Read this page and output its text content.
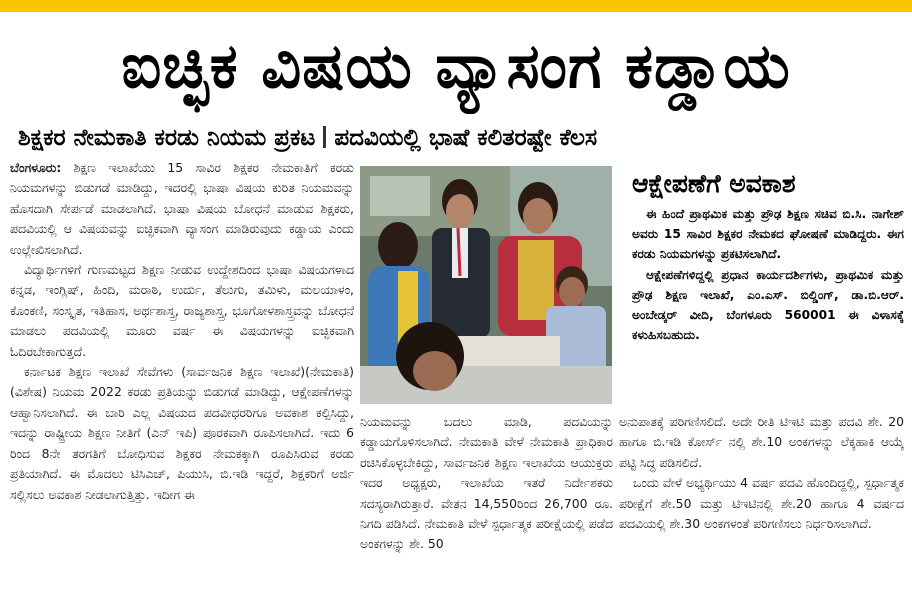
ಐಚ್ಛಿಕ ವಿಷಯ ವ್ಯಾಸಂಗ ಕಡ್ಡಾಯ
ಶಿಕ್ಷಕರ ನೇಮಕಾತಿ ಕರಡು ನಿಯಮ ಪ್ರಕಟ ಪದವಿಯಲ್ಲಿ ಭಾಷೆ ಕಲಿತರಷ್ಟೇ ಕೆಲಸ

ಬೆಂಗಳೂರು: ಶಿಕ್ಷಣ ಇಲಾಖೆಯು 15 ಸಾವಿರ ಶಿಕ್ಷಕರ ನೇಮಕಾತಿಗೆ ಕರಡು ನಿಯಮಗಳನ್ನು ಬಿಡುಗಡೆ ಮಾಡಿದ್ದು, ಇದರಲ್ಲಿ ಭಾಷಾ ವಿಷಯ ಕುರಿತ ನಿಯಮವನ್ನು ಹೊಸದಾಗಿ ಸೇರ್ಪಡೆ ಮಾಡಲಾಗಿದೆ. ಭಾಷಾ ವಿಷಯ ಬೋಧನೆ ಮಾಡುವ ಶಿಕ್ಷಕರು, ಪದವಿಯಲ್ಲಿ ಆ ವಿಷಯವನ್ನು ಐಚ್ಛಿಕವಾಗಿ ವ್ಯಾಸಂಗ ಮಾಡಿರುವುದು ಕಡ್ಡಾಯ ಎಂದು ಉಲ್ಲೇಖಿಸಲಾಗಿದೆ.

ವಿದ್ಯಾರ್ಥಿಗಳಿಗೆ ಗುಣಮಟ್ಟದ ಶಿಕ್ಷಣ ನೀಡುವ ಉದ್ದೇಶದಿಂದ ಭಾಷಾ ವಿಷಯಗಳಾದ ಕನ್ನಡ, ಇಂಗ್ಲಿಷ್, ಹಿಂದಿ, ಮರಾಠಿ, ಉರ್ದು, ತೆಲುಗು, ತಮಿಳು, ಮಲಯಾಳಂ, ಕೊಂಕಣಿ, ಸಂಸ್ಕೃತ, ಇತಿಹಾಸ, ಅರ್ಥಶಾಸ್ತ್ರ, ರಾಜ್ಯಶಾಸ್ತ್ರ, ಭೂಗೋಳಶಾಸ್ತ್ರವನ್ನು ಬೋಧನೆ ಮಾಡಲು ಪದವಿಯಲ್ಲಿ ಮೂರು ವರ್ಷ ಈ ವಿಷಯಗಳನ್ನು ಐಚ್ಛಿಕವಾಗಿ ಓದಿರಬೇಕಾಗುತ್ತದೆ.

ಕರ್ನಾಟಕ ಶಿಕ್ಷಣ ಇಲಾಖೆ ಸೇವೆಗಳು (ಸಾರ್ವಜನಿಕ ಶಿಕ್ಷಣ ಇಲಾಖೆ)(ನೇಮಕಾತಿ)(ವಿಶೇಷ) ನಿಯಮ 2022 ಕರಡು ಪ್ರತಿಯನ್ನು ಬಿಡುಗಡೆ ಮಾಡಿದ್ದು, ಆಕ್ಷೇಪಣೆಗಳನ್ನು ಆಹ್ವಾನಿಸಲಾಗಿದೆ. ಈ ಬಾರಿ ಎಲ್ಲ ವಿಷಯದ ಪದವೀಧರರಿಗೂ ಅವಕಾಶ ಕಲ್ಪಿಸಿದ್ದು, ಇದನ್ನು ರಾಷ್ಟ್ರೀಯ ಶಿಕ್ಷಣ ನೀತಿಗೆ (ಎನ್ ಇಪಿ) ಪೂರಕವಾಗಿ ರೂಪಿಸಲಾಗಿದೆ. ಇದು 6 ರಿಂದ 8ನೇ ತರಗತಿಗೆ ಬೋಧಿಸುವ ಶಿಕ್ಷಕರ ನೇಮಕಕ್ಕಾಗಿ ರೂಪಿಸಿರುವ ಕರಡು ಪ್ರತಿಯಾಗಿದೆ. ಈ ಮೊದಲು ಟಿಸಿಎಚ್, ಪಿಯುಸಿ, ಬಿ.ಇಡಿ ಇದ್ದರೆ, ಶಿಕ್ಷಕರಿಗೆ ಅರ್ಜಿ ಸಲ್ಲಿಸಲು ಅವಕಾಶ ನೀಡಲಾಗುತ್ತಿತ್ತು. ಇದೀಗ ಈ

ಆಕ್ಷೇಪಣೆಗೆ ಅವಕಾಶ

ಈ ಹಿಂದೆ ಪ್ರಾಥಮಿಕ ಮತ್ತು ಪ್ರೌಢ ಶಿಕ್ಷಣ ಸಚಿವ ಬಿ.ಸಿ. ನಾಗೇಶ್ ಅವರು 15 ಸಾವಿರ ಶಿಕ್ಷಕರ ನೇಮಕದ ಘೋಷಣೆ ಮಾಡಿದ್ದರು. ಈಗ ಕರಡು ನಿಯಮಗಳನ್ನು ಪ್ರಕಟಿಸಲಾಗಿದೆ.

ಆಕ್ಷೇಪಣೆಗಳಿದ್ದಲ್ಲಿ ಪ್ರಧಾನ ಕಾರ್ಯದರ್ಶಿಗಳು, ಪ್ರಾಥಮಿಕ ಮತ್ತು ಪ್ರೌಢ ಶಿಕ್ಷಣ ಇಲಾಖೆ, ಎಂ.ಎಸ್. ಬಿಲ್ಡಿಂಗ್, ಡಾ.ಬಿ.ಆರ್. ಅಂಬೇಡ್ಕರ್ ವೀದಿ, ಬೆಂಗಳೂರು 560001 ಈ ವಿಳಾಸಕ್ಕೆ ಕಳುಹಿಸಬಹುದು.

ನಿಯಮವನ್ನು ಬದಲು ಮಾಡಿ, ಪದವಿಯನ್ನು ಕಡ್ಡಾಯಗೊಳಿಸಲಾಗಿದೆ. ನೇಮಕಾತಿ ವೇಳೆ ನೇಮಕಾತಿ ಪ್ರಾಧಿಕಾರ ರಚಿಸಿಕೊಳ್ಳಬೇಕಿದ್ದು, ಸಾರ್ವಜನಿಕ ಶಿಕ್ಷಣ ಇಲಾಖೆಯ ಆಯುಕ್ತರು ಇದರ ಅಧ್ಯಕ್ಷರು, ಇಲಾಖೆಯ ಇತರೆ ನಿರ್ದೇಶಕರು ಸದಸ್ಯರಾಗಿರುತ್ತಾರೆ. ವೇತನ 14,550ರಿಂದ 26,700 ರೂ. ನಿಗದಿ ಪಡಿಸಿದೆ. ನೇಮಕಾತಿ ವೇಳೆ ಸ್ಪರ್ಧಾತ್ಮಕ ಪರೀಕ್ಷೆಯಲ್ಲಿ ಪಡೆದ ಅಂಕಗಳನ್ನು ಶೇ. 50

ಅನುಪಾತಕ್ಕೆ ಪರಿಗಣಿಸಲಿದೆ. ಅದೇ ರೀತಿ ಟಿಇಟಿ ಮತ್ತು ಪದವಿ ಶೇ. 20 ಹಾಗೂ ಬಿ.ಇಡಿ ಕೋರ್ಸ್ ನಲ್ಲಿ ಶೇ.10 ಅಂಕಗಳನ್ನು ಲೆಕ್ಕಹಾಕಿ ಆಯ್ಕೆ ಪಟ್ಟಿ ಸಿದ್ಧ ಪಡಿಸಲಿದೆ.

ಒಂದು ವೇಳೆ ಅಭ್ಯರ್ಥಿಯು 4 ವರ್ಷ ಪದವಿ ಹೊಂದಿದ್ದಲ್ಲಿ, ಸ್ಪರ್ಧಾತ್ಮಕ ಪರೀಕ್ಷೆಗೆ ಶೇ.50 ಮತ್ತು ಟಿಇಟಿನಲ್ಲಿ ಶೇ.20 ಹಾಗೂ 4 ವರ್ಷದ ಪದವಿಯಲ್ಲಿ ಶೇ.30 ಅಂಕಗಳಂತೆ ಪರಿಗಣಿಸಲು ನಿರ್ಧರಿಸಲಾಗಿದೆ.
